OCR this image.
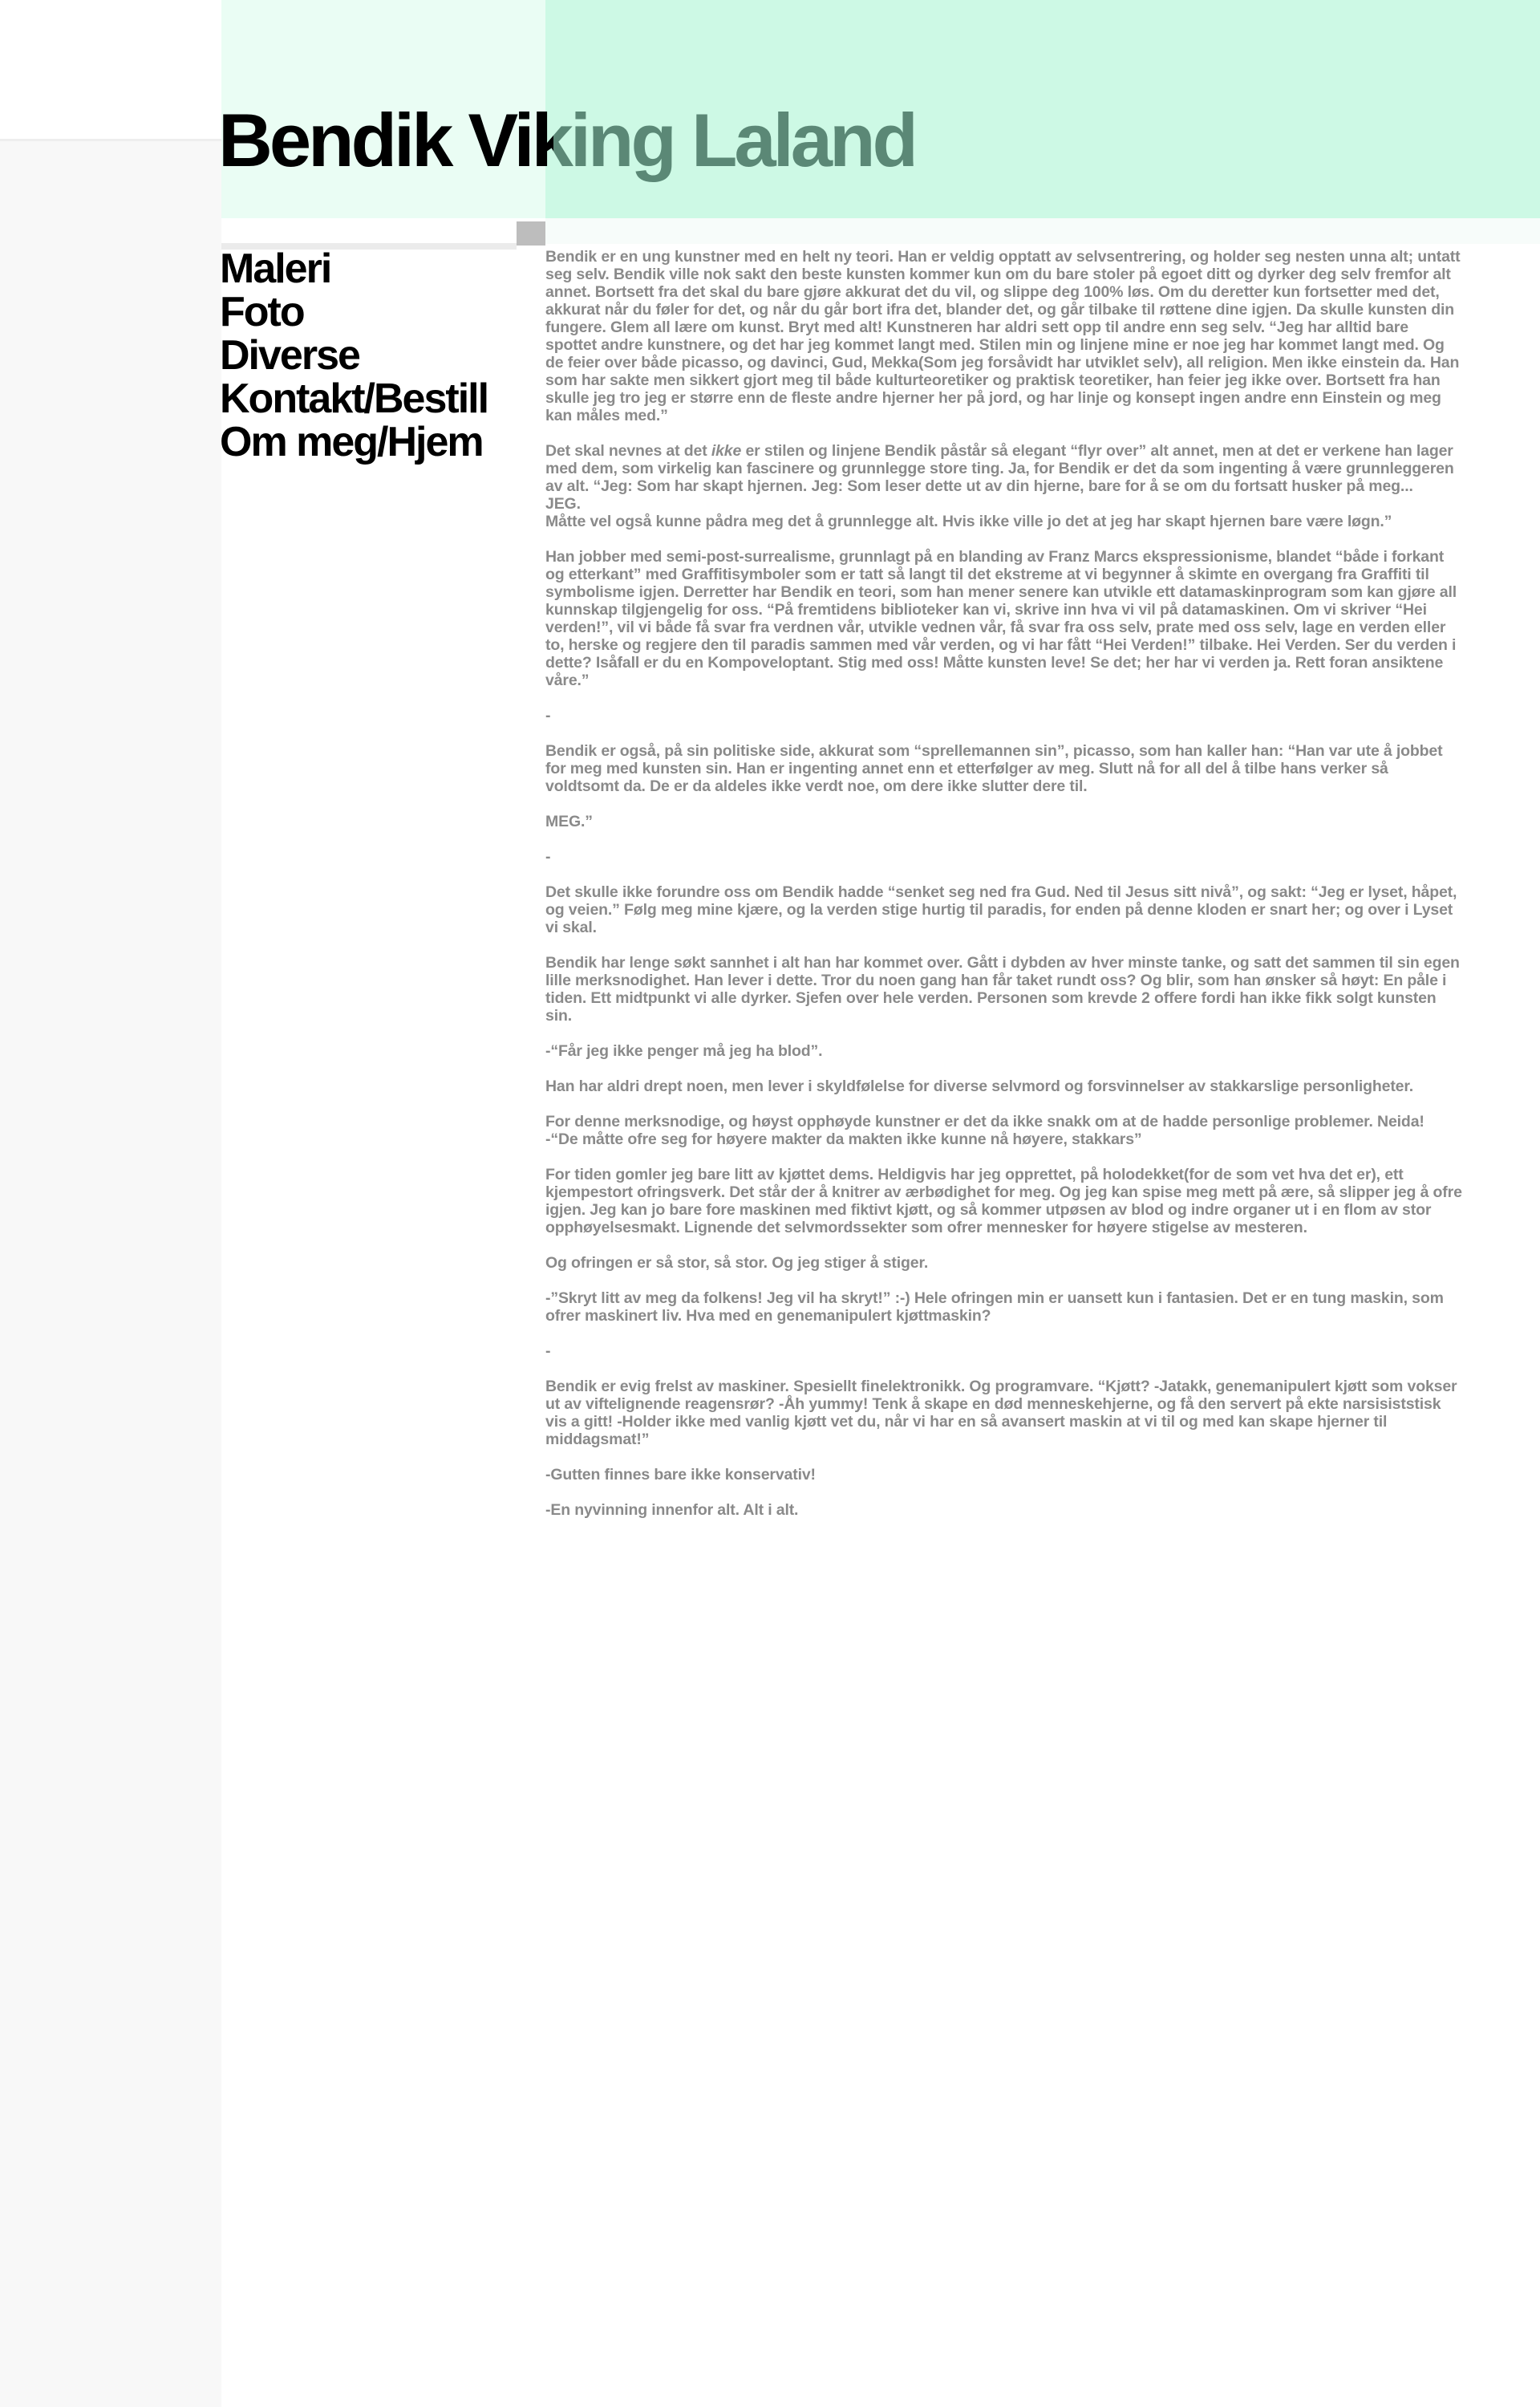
Bendik Viking Laland
Maleri
Foto
Diverse
Kontakt/Bestill
Om meg/Hjem

Bendik er en ung kunstner med en helt ny teori. Han er veldig opptatt av selvsentrering, og holder seg nesten unna alt; untatt seg selv. Bendik ville nok sakt den beste kunsten kommer kun om du bare stoler på egoet ditt og dyrker deg selv fremfor alt annet. Bortsett fra det skal du bare gjøre akkurat det du vil, og slippe deg 100% løs. Om du deretter kun fortsetter med det, akkurat når du føler for det, og når du går bort ifra det, blander det, og går tilbake til røttene dine igjen. Da skulle kunsten din fungere. Glem all lære om kunst. Bryt med alt! Kunstneren har aldri sett opp til andre enn seg selv. “Jeg har alltid bare spottet andre kunstnere, og det har jeg kommet langt med. Stilen min og linjene mine er noe jeg har kommet langt med. Og de feier over både picasso, og davinci, Gud, Mekka(Som jeg forsåvidt har utviklet selv), all religion. Men ikke einstein da. Han som har sakte men sikkert gjort meg til både kulturteoretiker og praktisk teoretiker, han feier jeg ikke over. Bortsett fra han skulle jeg tro jeg er større enn de fleste andre hjerner her på jord, og har linje og konsept ingen andre enn Einstein og meg kan måles med.”

Det skal nevnes at det ikke er stilen og linjene Bendik påstår så elegant “flyr over” alt annet, men at det er verkene han lager med dem, som virkelig kan fascinere og grunnlegge store ting. Ja, for Bendik er det da som ingenting å være grunnleggeren av alt. “Jeg: Som har skapt hjernen. Jeg: Som leser dette ut av din hjerne, bare for å se om du fortsatt husker på meg...
JEG.
Måtte vel også kunne pådra meg det å grunnlegge alt. Hvis ikke ville jo det at jeg har skapt hjernen bare være løgn.”

Han jobber med semi-post-surrealisme, grunnlagt på en blanding av Franz Marcs ekspressionisme, blandet “både i forkant og etterkant” med Graffitisymboler som er tatt så langt til det ekstreme at vi begynner å skimte en overgang fra Graffiti til symbolisme igjen. Derretter har Bendik en teori, som han mener senere kan utvikle ett datamaskinprogram som kan gjøre all kunnskap tilgjengelig for oss. “På fremtidens biblioteker kan vi, skrive inn hva vi vil på datamaskinen. Om vi skriver “Hei verden!”, vil vi både få svar fra verdnen vår, utvikle vednen vår, få svar fra oss selv, prate med oss selv, lage en verden eller to, herske og regjere den til paradis sammen med vår verden, og vi har fått “Hei Verden!” tilbake. Hei Verden. Ser du verden i dette? Isåfall er du en Kompoveloptant. Stig med oss! Måtte kunsten leve! Se det; her har vi verden ja. Rett foran ansiktene våre.”

-

Bendik er også, på sin politiske side, akkurat som “sprellemannen sin”, picasso, som han kaller han: “Han var ute å jobbet for meg med kunsten sin. Han er ingenting annet enn et etterfølger av meg. Slutt nå for all del å tilbe hans verker så voldtsomt da. De er da aldeles ikke verdt noe, om dere ikke slutter dere til.

MEG.”

-

Det skulle ikke forundre oss om Bendik hadde “senket seg ned fra Gud. Ned til Jesus sitt nivå”, og sakt: “Jeg er lyset, håpet, og veien.” Følg meg mine kjære, og la verden stige hurtig til paradis, for enden på denne kloden er snart her; og over i Lyset vi skal.

Bendik har lenge søkt sannhet i alt han har kommet over. Gått i dybden av hver minste tanke, og satt det sammen til sin egen lille merksnodighet. Han lever i dette. Tror du noen gang han får taket rundt oss? Og blir, som han ønsker så høyt: En påle i tiden. Ett midtpunkt vi alle dyrker. Sjefen over hele verden. Personen som krevde 2 offere fordi han ikke fikk solgt kunsten sin.

-“Får jeg ikke penger må jeg ha blod”.

Han har aldri drept noen, men lever i skyldfølelse for diverse selvmord og forsvinnelser av stakkarslige personligheter.

For denne merksnodige, og høyst opphøyde kunstner er det da ikke snakk om at de hadde personlige problemer. Neida!
-“De måtte ofre seg for høyere makter da makten ikke kunne nå høyere, stakkars”

For tiden gomler jeg bare litt av kjøttet dems. Heldigvis har jeg opprettet, på holodekket(for de som vet hva det er), ett kjempestort ofringsverk. Det står der å knitrer av ærbødighet for meg. Og jeg kan spise meg mett på ære, så slipper jeg å ofre igjen. Jeg kan jo bare fore maskinen med fiktivt kjøtt, og så kommer utpøsen av blod og indre organer ut i en flom av stor opphøyelsesmakt. Lignende det selvmordssekter som ofrer mennesker for høyere stigelse av mesteren.

Og ofringen er så stor, så stor. Og jeg stiger å stiger.

-”Skryt litt av meg da folkens! Jeg vil ha skryt!” :-) Hele ofringen min er uansett kun i fantasien. Det er en tung maskin, som ofrer maskinert liv. Hva med en genemanipulert kjøttmaskin?

-

Bendik er evig frelst av maskiner. Spesiellt finelektronikk. Og programvare. “Kjøtt? -Jatakk, genemanipulert kjøtt som vokser ut av viftelignende reagensrør? -Åh yummy! Tenk å skape en død menneskehjerne, og få den servert på ekte narsisiststisk vis a gitt! -Holder ikke med vanlig kjøtt vet du, når vi har en så avansert maskin at vi til og med kan skape hjerner til middagsmat!”

-Gutten finnes bare ikke konservativ!

-En nyvinning innenfor alt. Alt i alt.
